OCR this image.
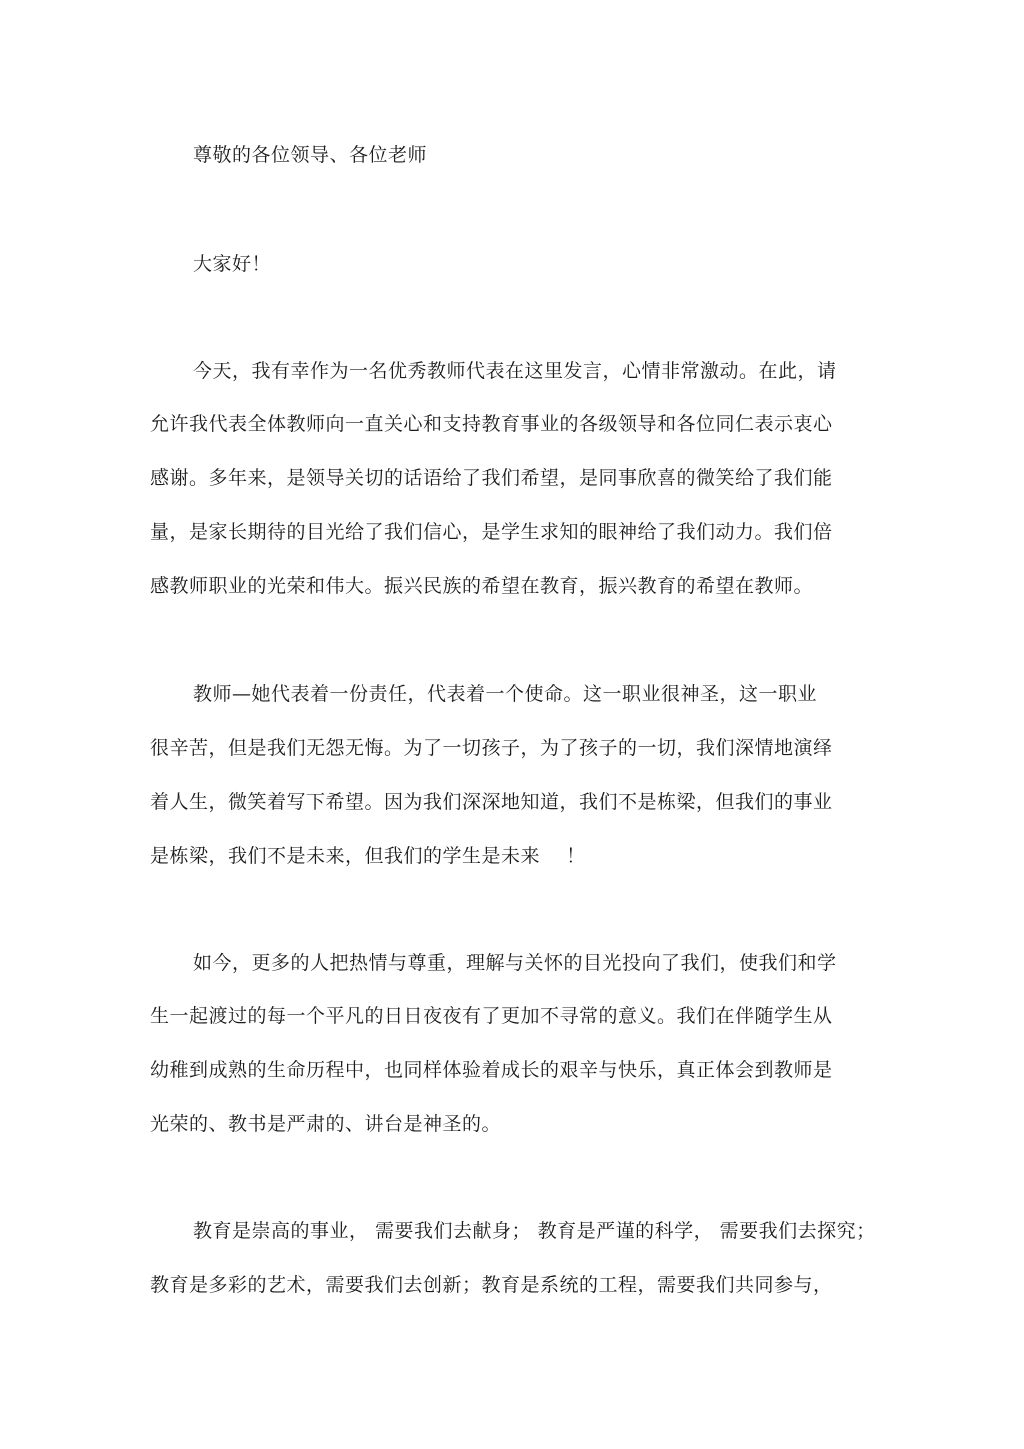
尊敬的各位领导、各位老师
大家好！
今天，我有幸作为一名优秀教师代表在这里发言，心情非常激动。在此，请
允许我代表全体教师向一直关心和支持教育事业的各级领导和各位同仁表示衷心
感谢。多年来，是领导关切的话语给了我们希望，是同事欣喜的微笑给了我们能
量，是家长期待的目光给了我们信心，是学生求知的眼神给了我们动力。我们倍
感教师职业的光荣和伟大。振兴民族的希望在教育，振兴教育的希望在教师。
教师—她代表着一份责任，代表着一个使命。这一职业很神圣，这一职业
很辛苦，但是我们无怨无悔。为了一切孩子，为了孩子的一切，我们深情地演绎
着人生，微笑着写下希望。因为我们深深地知道，我们不是栋梁，但我们的事业
是栋梁，我们不是未来，但我们的学生是未来    ！
如今，更多的人把热情与尊重，理解与关怀的目光投向了我们，使我们和学
生一起渡过的每一个平凡的日日夜夜有了更加不寻常的意义。我们在伴随学生从
幼稚到成熟的生命历程中，也同样体验着成长的艰辛与快乐，真正体会到教师是
光荣的、教书是严肃的、讲台是神圣的。
教育是崇高的事业， 需要我们去献身； 教育是严谨的科学， 需要我们去探究；
教育是多彩的艺术，需要我们去创新；教育是系统的工程，需要我们共同参与，
